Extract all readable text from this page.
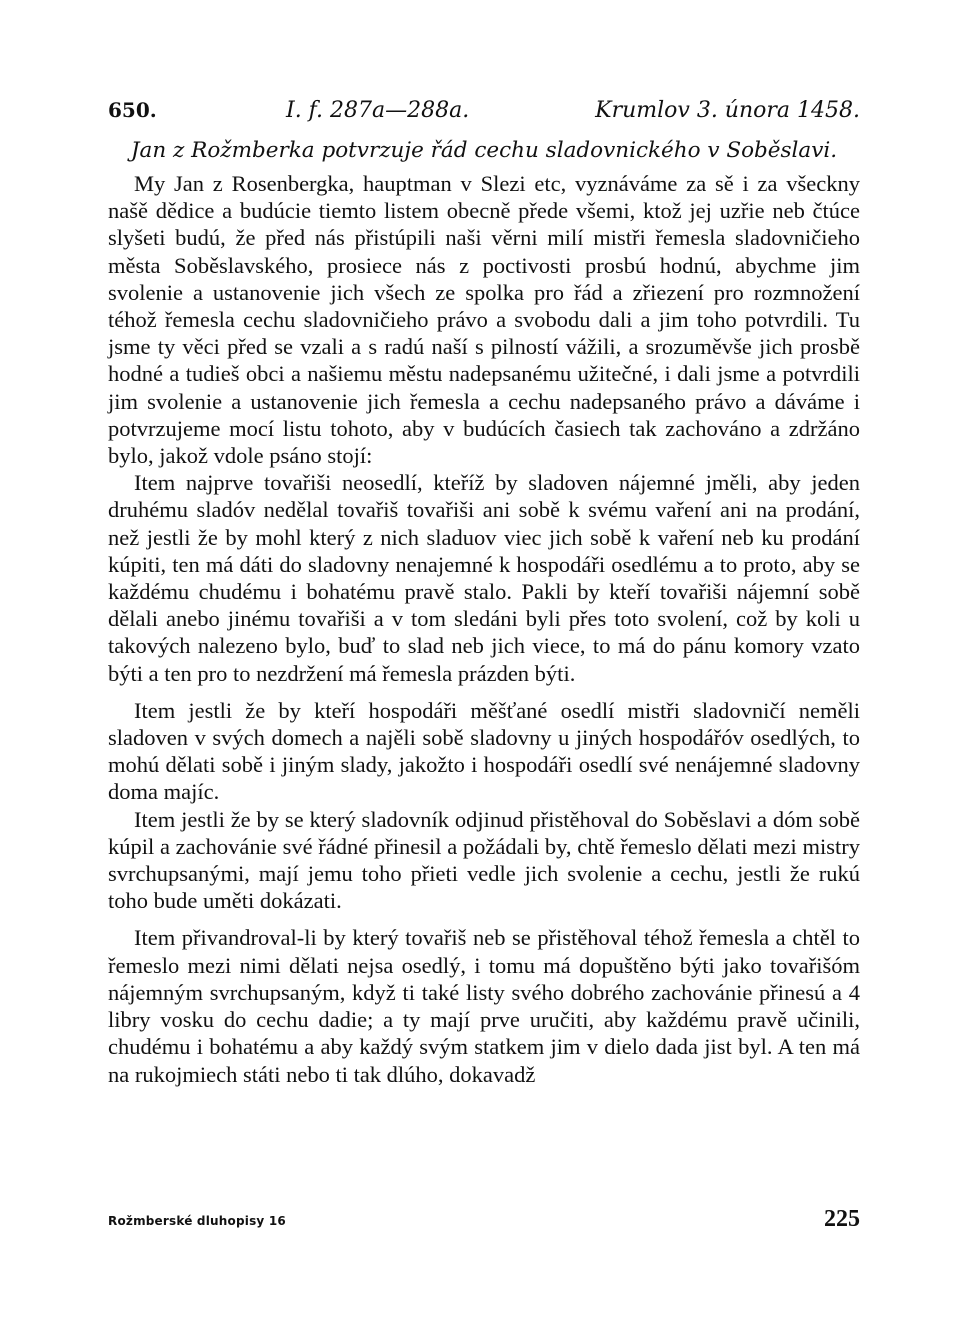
650.	I. f. 287a—288a.	Krumlov 3. února 1458.
Jan z Rožmberka potvrzuje řád cechu sladovnického v Soběslavi.

My Jan z Rosenbergka, hauptman v Slezi etc, vyznáváme za sě i za všeckny našě dědice a budúcie tiemto listem obecně přede všemi, ktož jej uzřie neb čtúce slyšeti budú, že před nás přistúpili naši věrni milí mistři řemesla sladovničieho města Soběslavského, prosiece nás z poctivosti prosbú hodnú, abychme jim svolenie a ustanovenie jich všech ze spolka pro řád a zřiezení pro rozmnožení téhož řemesla cechu sladovničieho právo a svobodu dali a jim toho potvrdili. Tu jsme ty věci před se vzali a s radú naší s pilností vážili, a srozuměvše jich prosbě hodné a tudieš obci a našiemu městu nadepsanému užitečné, i dali jsme a potvrdili jim svolenie a ustanovenie jich řemesla a cechu nadepsaného právo a dáváme i potvrzujeme mocí listu tohoto, aby v budúcích časiech tak zachováno a zdržáno bylo, jakož vdole psáno stojí:

Item najprve tovařiši neosedlí, kteříž by sladoven nájemné jměli, aby jeden druhému sladóv nedělal tovařiš tovařiši ani sobě k svému vaření ani na prodání, než jestli že by mohl který z nich sladuov viec jich sobě k vaření neb ku prodání kúpiti, ten má dáti do sladovny nenajemné k hospodáři osedlému a to proto, aby se každému chudému i bohatému pravě stalo. Pakli by kteří tovařiši nájemní sobě dělali anebo jinému tovařiši a v tom sledáni byli přes toto svolení, což by koli u takových nalezeno bylo, buď to slad neb jich viece, to má do pánu komory vzato býti a ten pro to nezdržení má řemesla prázden býti.

Item jestli že by kteří hospodáři měšťané osedlí mistři sladovničí neměli sladoven v svých domech a najěli sobě sladovny u jiných hospodářóv osedlých, to mohú dělati sobě i jiným slady, jakožto i hospodáři osedlí své nenájemné sladovny doma majíc.

Item jestli že by se který sladovník odjinud přistěhoval do Soběslavi a dóm sobě kúpil a zachovánie své řádné přinesil a požádali by, chtě řemeslo dělati mezi mistry svrchupsanými, mají jemu toho přieti vedle jich svolenie a cechu, jestli že rukú toho bude uměti dokázati.

Item přivandroval-li by který tovařiš neb se přistěhoval téhož řemesla a chtěl to řemeslo mezi nimi dělati nejsa osedlý, i tomu má dopuštěno býti jako tovařišóm nájemným svrchupsaným, když ti také listy svého dobrého zachovánie přinesú a 4 libry vosku do cechu dadie; a ty mají prve uručiti, aby každému pravě učinili, chudému i bohatému a aby každý svým statkem jim v dielo dada jist byl. A ten má na rukojmiech státi nebo ti tak dlúho, dokavadž

Rožmberské dluhopisy 16	225
